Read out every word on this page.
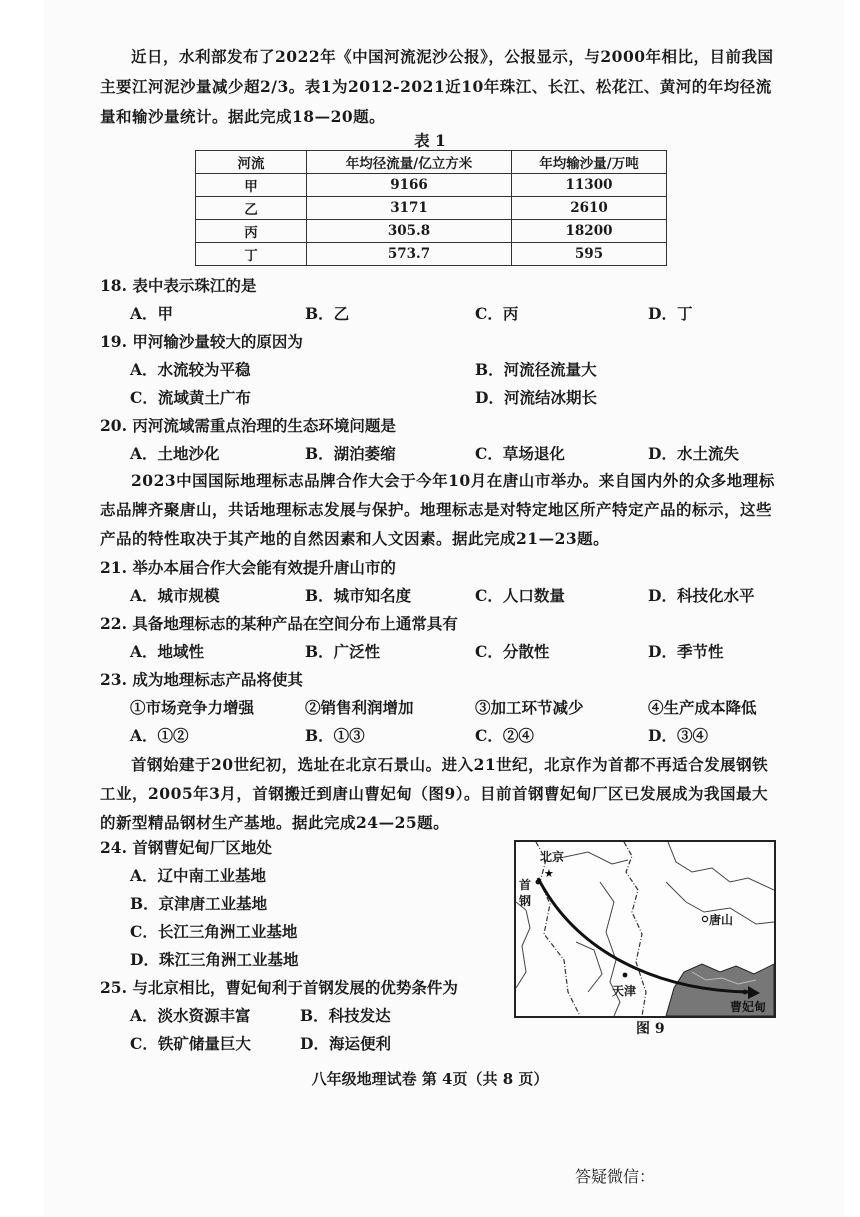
近日，水利部发布了2022年《中国河流泥沙公报》，公报显示，与2000年相比，目前我国主要江河泥沙量减少超2/3。表1为2012-2021近10年珠江、长江、松花江、黄河的年均径流量和输沙量统计。据此完成18—20题。
表 1
河流	年均径流量/亿立方米	年均输沙量/万吨
甲	9166	11300
乙	3171	2610
丙	305.8	18200
丁	573.7	595
18. 表中表示珠江的是
A．甲	B．乙	C．丙	D．丁
19. 甲河输沙量较大的原因为
A．水流较为平稳	B．河流径流量大
C．流域黄土广布	D．河流结冰期长
20. 丙河流域需重点治理的生态环境问题是
A．土地沙化	B．湖泊萎缩	C．草场退化	D．水土流失
2023中国国际地理标志品牌合作大会于今年10月在唐山市举办。来自国内外的众多地理标志品牌齐聚唐山，共话地理标志发展与保护。地理标志是对特定地区所产特定产品的标示，这些产品的特性取决于其产地的自然因素和人文因素。据此完成21—23题。
21. 举办本届合作大会能有效提升唐山市的
A．城市规模	B．城市知名度	C．人口数量	D．科技化水平
22. 具备地理标志的某种产品在空间分布上通常具有
A．地域性	B．广泛性	C．分散性	D．季节性
23. 成为地理标志产品将使其
①市场竞争力增强	②销售利润增加	③加工环节减少	④生产成本降低
A．①②	B．①③	C．②④	D．③④
首钢始建于20世纪初，选址在北京石景山。进入21世纪，北京作为首都不再适合发展钢铁工业，2005年3月，首钢搬迁到唐山曹妃甸（图9）。目前首钢曹妃甸厂区已发展成为我国最大的新型精品钢材生产基地。据此完成24—25题。
24. 首钢曹妃甸厂区地处
A．辽中南工业基地
B．京津唐工业基地
C．长江三角洲工业基地
D．珠江三角洲工业基地
25. 与北京相比，曹妃甸利于首钢发展的优势条件为
A．淡水资源丰富	B．科技发达
C．铁矿储量巨大	D．海运便利
★
北京
首
钢
唐山
天津
曹妃甸
图 9
八年级地理试卷 第 4页（共 8 页）
答疑微信：
